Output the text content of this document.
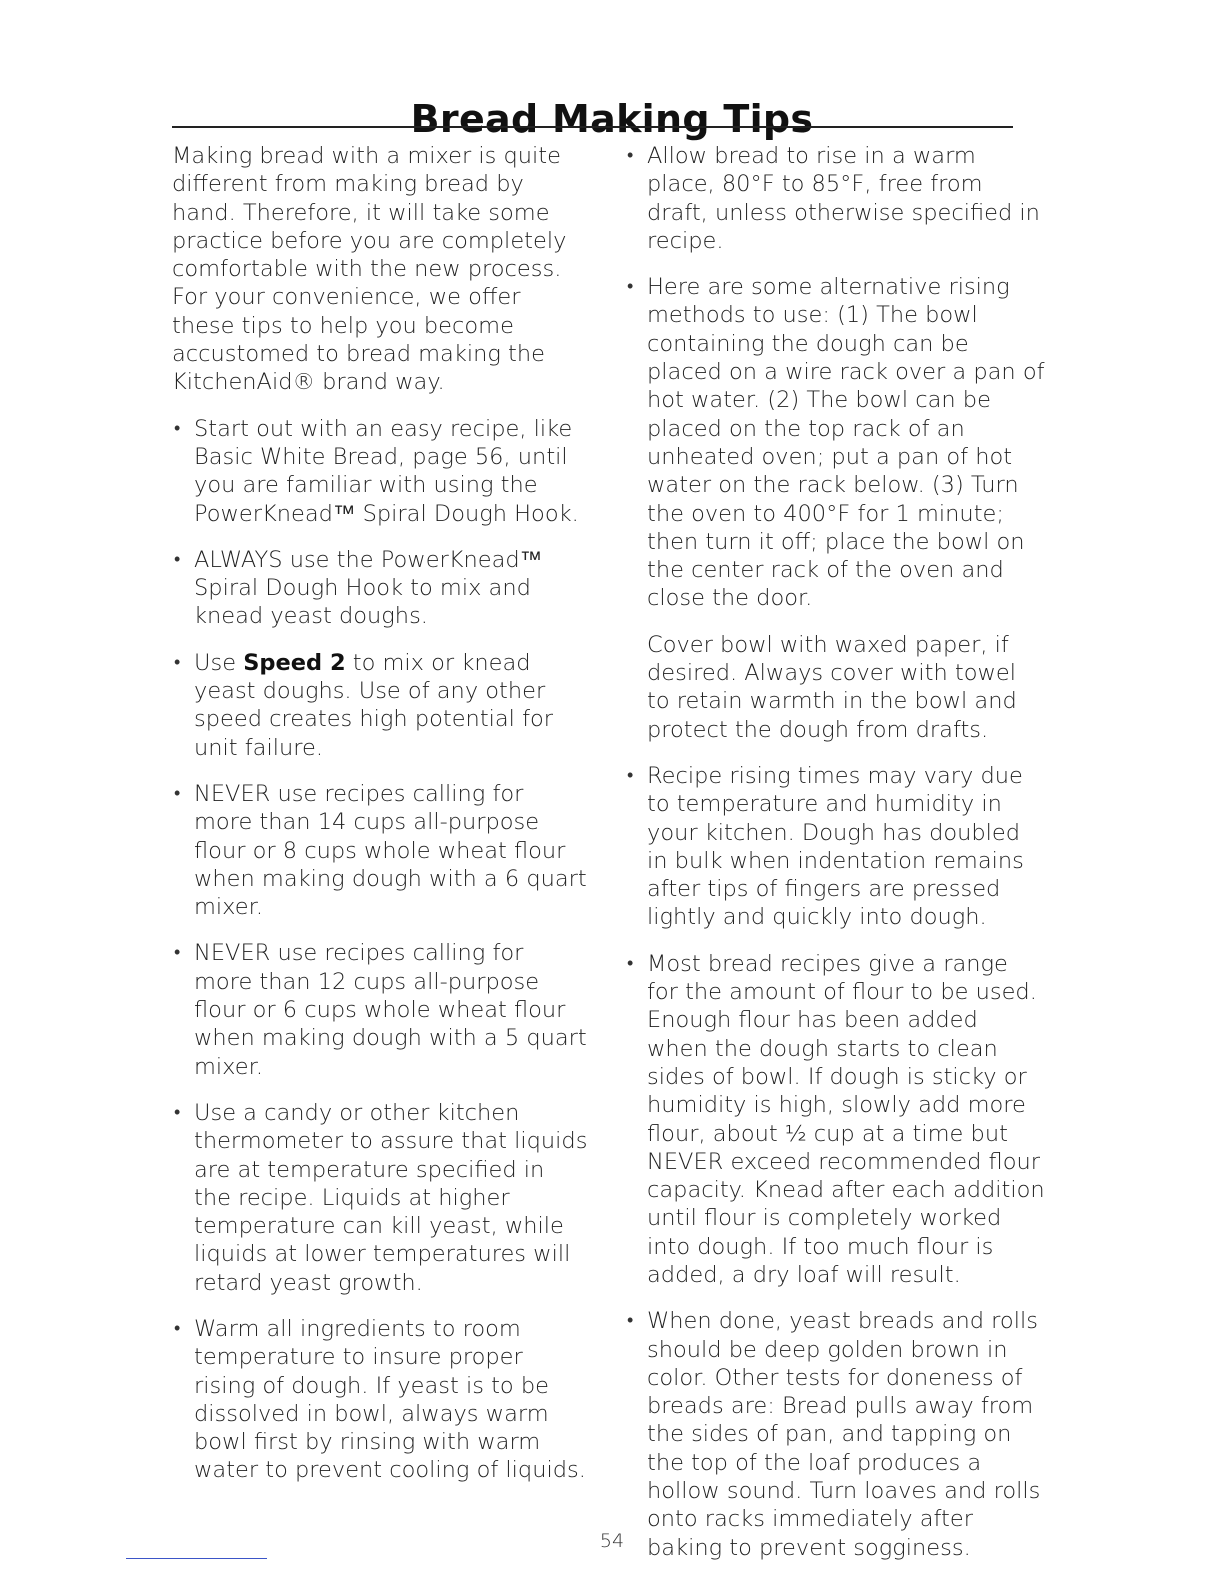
Bread Making Tips

Making bread with a mixer is quite different from making bread by hand. Therefore, it will take some practice before you are completely comfortable with the new process. For your convenience, we offer these tips to help you become accustomed to bread making the KitchenAid® brand way.

• Start out with an easy recipe, like Basic White Bread, page 56, until you are familiar with using the PowerKnead™ Spiral Dough Hook.
• ALWAYS use the PowerKnead™ Spiral Dough Hook to mix and knead yeast doughs.
• Use Speed 2 to mix or knead yeast doughs. Use of any other speed creates high potential for unit failure.
• NEVER use recipes calling for more than 14 cups all-purpose flour or 8 cups whole wheat flour when making dough with a 6 quart mixer.
• NEVER use recipes calling for more than 12 cups all-purpose flour or 6 cups whole wheat flour when making dough with a 5 quart mixer.
• Use a candy or other kitchen thermometer to assure that liquids are at temperature specified in the recipe. Liquids at higher temperature can kill yeast, while liquids at lower temperatures will retard yeast growth.
• Warm all ingredients to room temperature to insure proper rising of dough. If yeast is to be dissolved in bowl, always warm bowl first by rinsing with warm water to prevent cooling of liquids.
• Allow bread to rise in a warm place, 80°F to 85°F, free from draft, unless otherwise specified in recipe.
• Here are some alternative rising methods to use: (1) The bowl containing the dough can be placed on a wire rack over a pan of hot water. (2) The bowl can be placed on the top rack of an unheated oven; put a pan of hot water on the rack below. (3) Turn the oven to 400°F for 1 minute; then turn it off; place the bowl on the center rack of the oven and close the door.
Cover bowl with waxed paper, if desired. Always cover with towel to retain warmth in the bowl and protect the dough from drafts.
• Recipe rising times may vary due to temperature and humidity in your kitchen. Dough has doubled in bulk when indentation remains after tips of fingers are pressed lightly and quickly into dough.
• Most bread recipes give a range for the amount of flour to be used. Enough flour has been added when the dough starts to clean sides of bowl. If dough is sticky or humidity is high, slowly add more flour, about ½ cup at a time but NEVER exceed recommended flour capacity. Knead after each addition until flour is completely worked into dough. If too much flour is added, a dry loaf will result.
• When done, yeast breads and rolls should be deep golden brown in color. Other tests for doneness of breads are: Bread pulls away from the sides of pan, and tapping on the top of the loaf produces a hollow sound. Turn loaves and rolls onto racks immediately after baking to prevent sogginess.
54
